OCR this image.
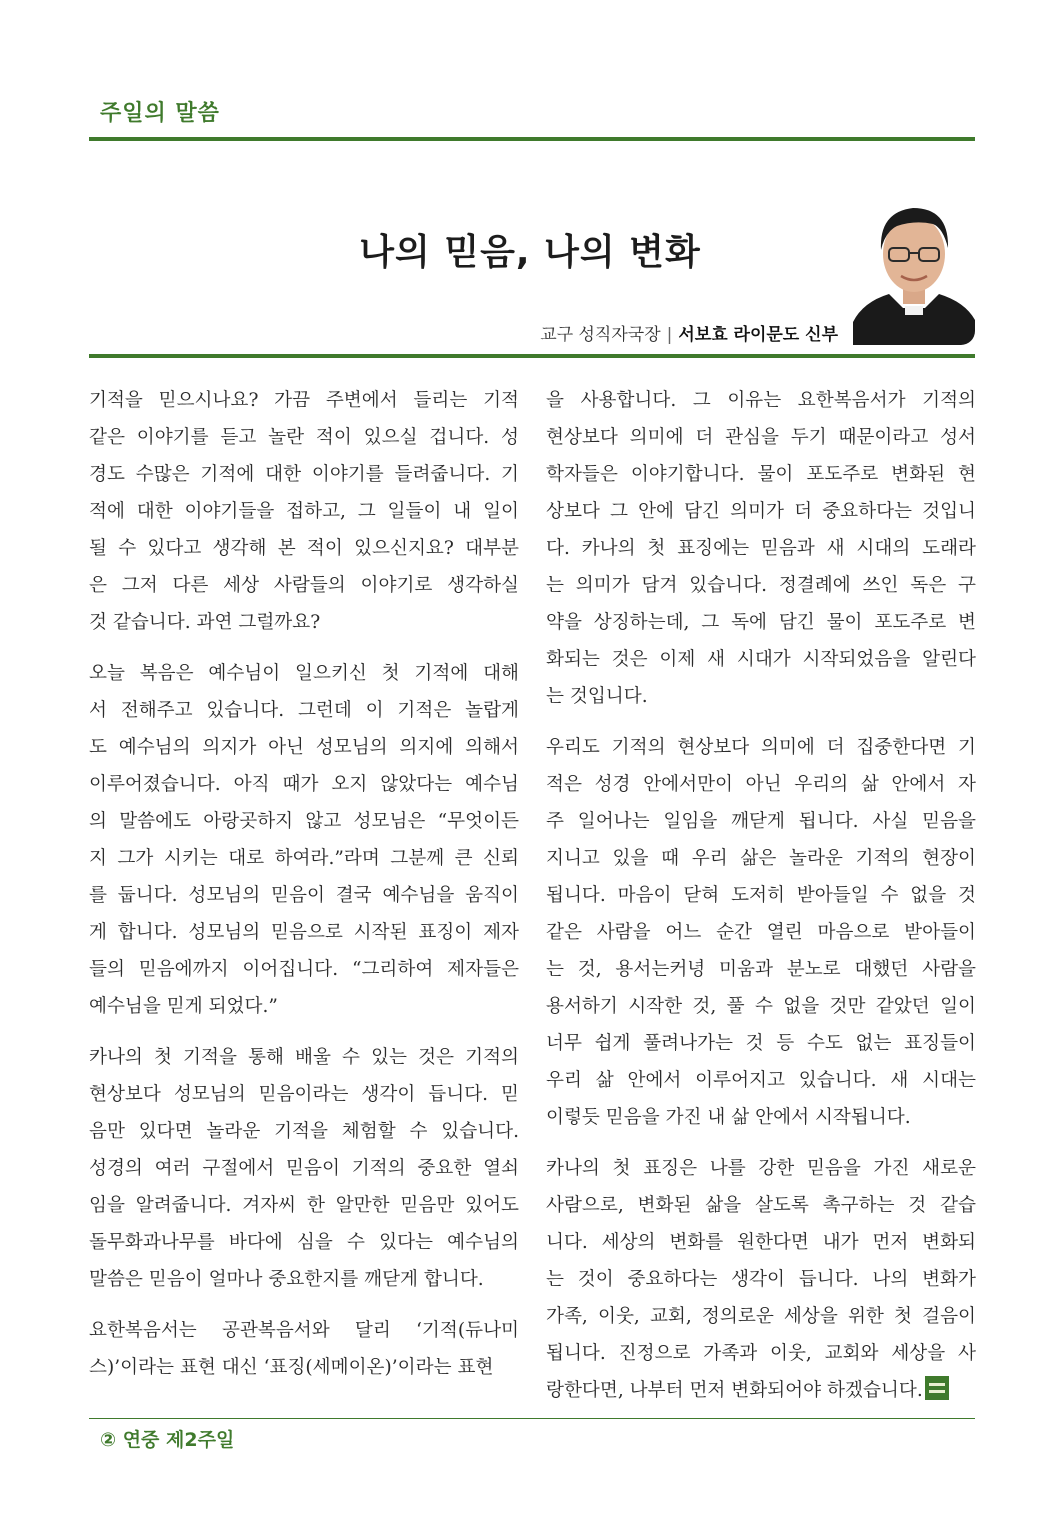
주일의 말씀
나의 믿음, 나의 변화
교구 성직자국장 | 서보효 라이문도 신부
기적을 믿으시나요? 가끔 주변에서 들리는 기적
같은 이야기를 듣고 놀란 적이 있으실 겁니다. 성
경도 수많은 기적에 대한 이야기를 들려줍니다. 기
적에 대한 이야기들을 접하고, 그 일들이 내 일이
될 수 있다고 생각해 본 적이 있으신지요? 대부분
은 그저 다른 세상 사람들의 이야기로 생각하실
것 같습니다. 과연 그럴까요?
오늘 복음은 예수님이 일으키신 첫 기적에 대해
서 전해주고 있습니다. 그런데 이 기적은 놀랍게
도 예수님의 의지가 아닌 성모님의 의지에 의해서
이루어졌습니다. 아직 때가 오지 않았다는 예수님
의 말씀에도 아랑곳하지 않고 성모님은 “무엇이든
지 그가 시키는 대로 하여라.”라며 그분께 큰 신뢰
를 둡니다. 성모님의 믿음이 결국 예수님을 움직이
게 합니다. 성모님의 믿음으로 시작된 표징이 제자
들의 믿음에까지 이어집니다. “그리하여 제자들은
예수님을 믿게 되었다.”
카나의 첫 기적을 통해 배울 수 있는 것은 기적의
현상보다 성모님의 믿음이라는 생각이 듭니다. 믿
음만 있다면 놀라운 기적을 체험할 수 있습니다.
성경의 여러 구절에서 믿음이 기적의 중요한 열쇠
임을 알려줍니다. 겨자씨 한 알만한 믿음만 있어도
돌무화과나무를 바다에 심을 수 있다는 예수님의
말씀은 믿음이 얼마나 중요한지를 깨닫게 합니다.
요한복음서는 공관복음서와 달리 ‘기적(듀나미
스)’이라는 표현 대신 ‘표징(세메이온)’이라는 표현
을 사용합니다. 그 이유는 요한복음서가 기적의
현상보다 의미에 더 관심을 두기 때문이라고 성서
학자들은 이야기합니다. 물이 포도주로 변화된 현
상보다 그 안에 담긴 의미가 더 중요하다는 것입니
다. 카나의 첫 표징에는 믿음과 새 시대의 도래라
는 의미가 담겨 있습니다. 정결례에 쓰인 독은 구
약을 상징하는데, 그 독에 담긴 물이 포도주로 변
화되는 것은 이제 새 시대가 시작되었음을 알린다
는 것입니다.
우리도 기적의 현상보다 의미에 더 집중한다면 기
적은 성경 안에서만이 아닌 우리의 삶 안에서 자
주 일어나는 일임을 깨닫게 됩니다. 사실 믿음을
지니고 있을 때 우리 삶은 놀라운 기적의 현장이
됩니다. 마음이 닫혀 도저히 받아들일 수 없을 것
같은 사람을 어느 순간 열린 마음으로 받아들이
는 것, 용서는커녕 미움과 분노로 대했던 사람을
용서하기 시작한 것, 풀 수 없을 것만 같았던 일이
너무 쉽게 풀려나가는 것 등 수도 없는 표징들이
우리 삶 안에서 이루어지고 있습니다. 새 시대는
이렇듯 믿음을 가진 내 삶 안에서 시작됩니다.
카나의 첫 표징은 나를 강한 믿음을 가진 새로운
사람으로, 변화된 삶을 살도록 촉구하는 것 같습
니다. 세상의 변화를 원한다면 내가 먼저 변화되
는 것이 중요하다는 생각이 듭니다. 나의 변화가
가족, 이웃, 교회, 정의로운 세상을 위한 첫 걸음이
됩니다. 진정으로 가족과 이웃, 교회와 세상을 사
랑한다면, 나부터 먼저 변화되어야 하겠습니다.
② 연중 제2주일
